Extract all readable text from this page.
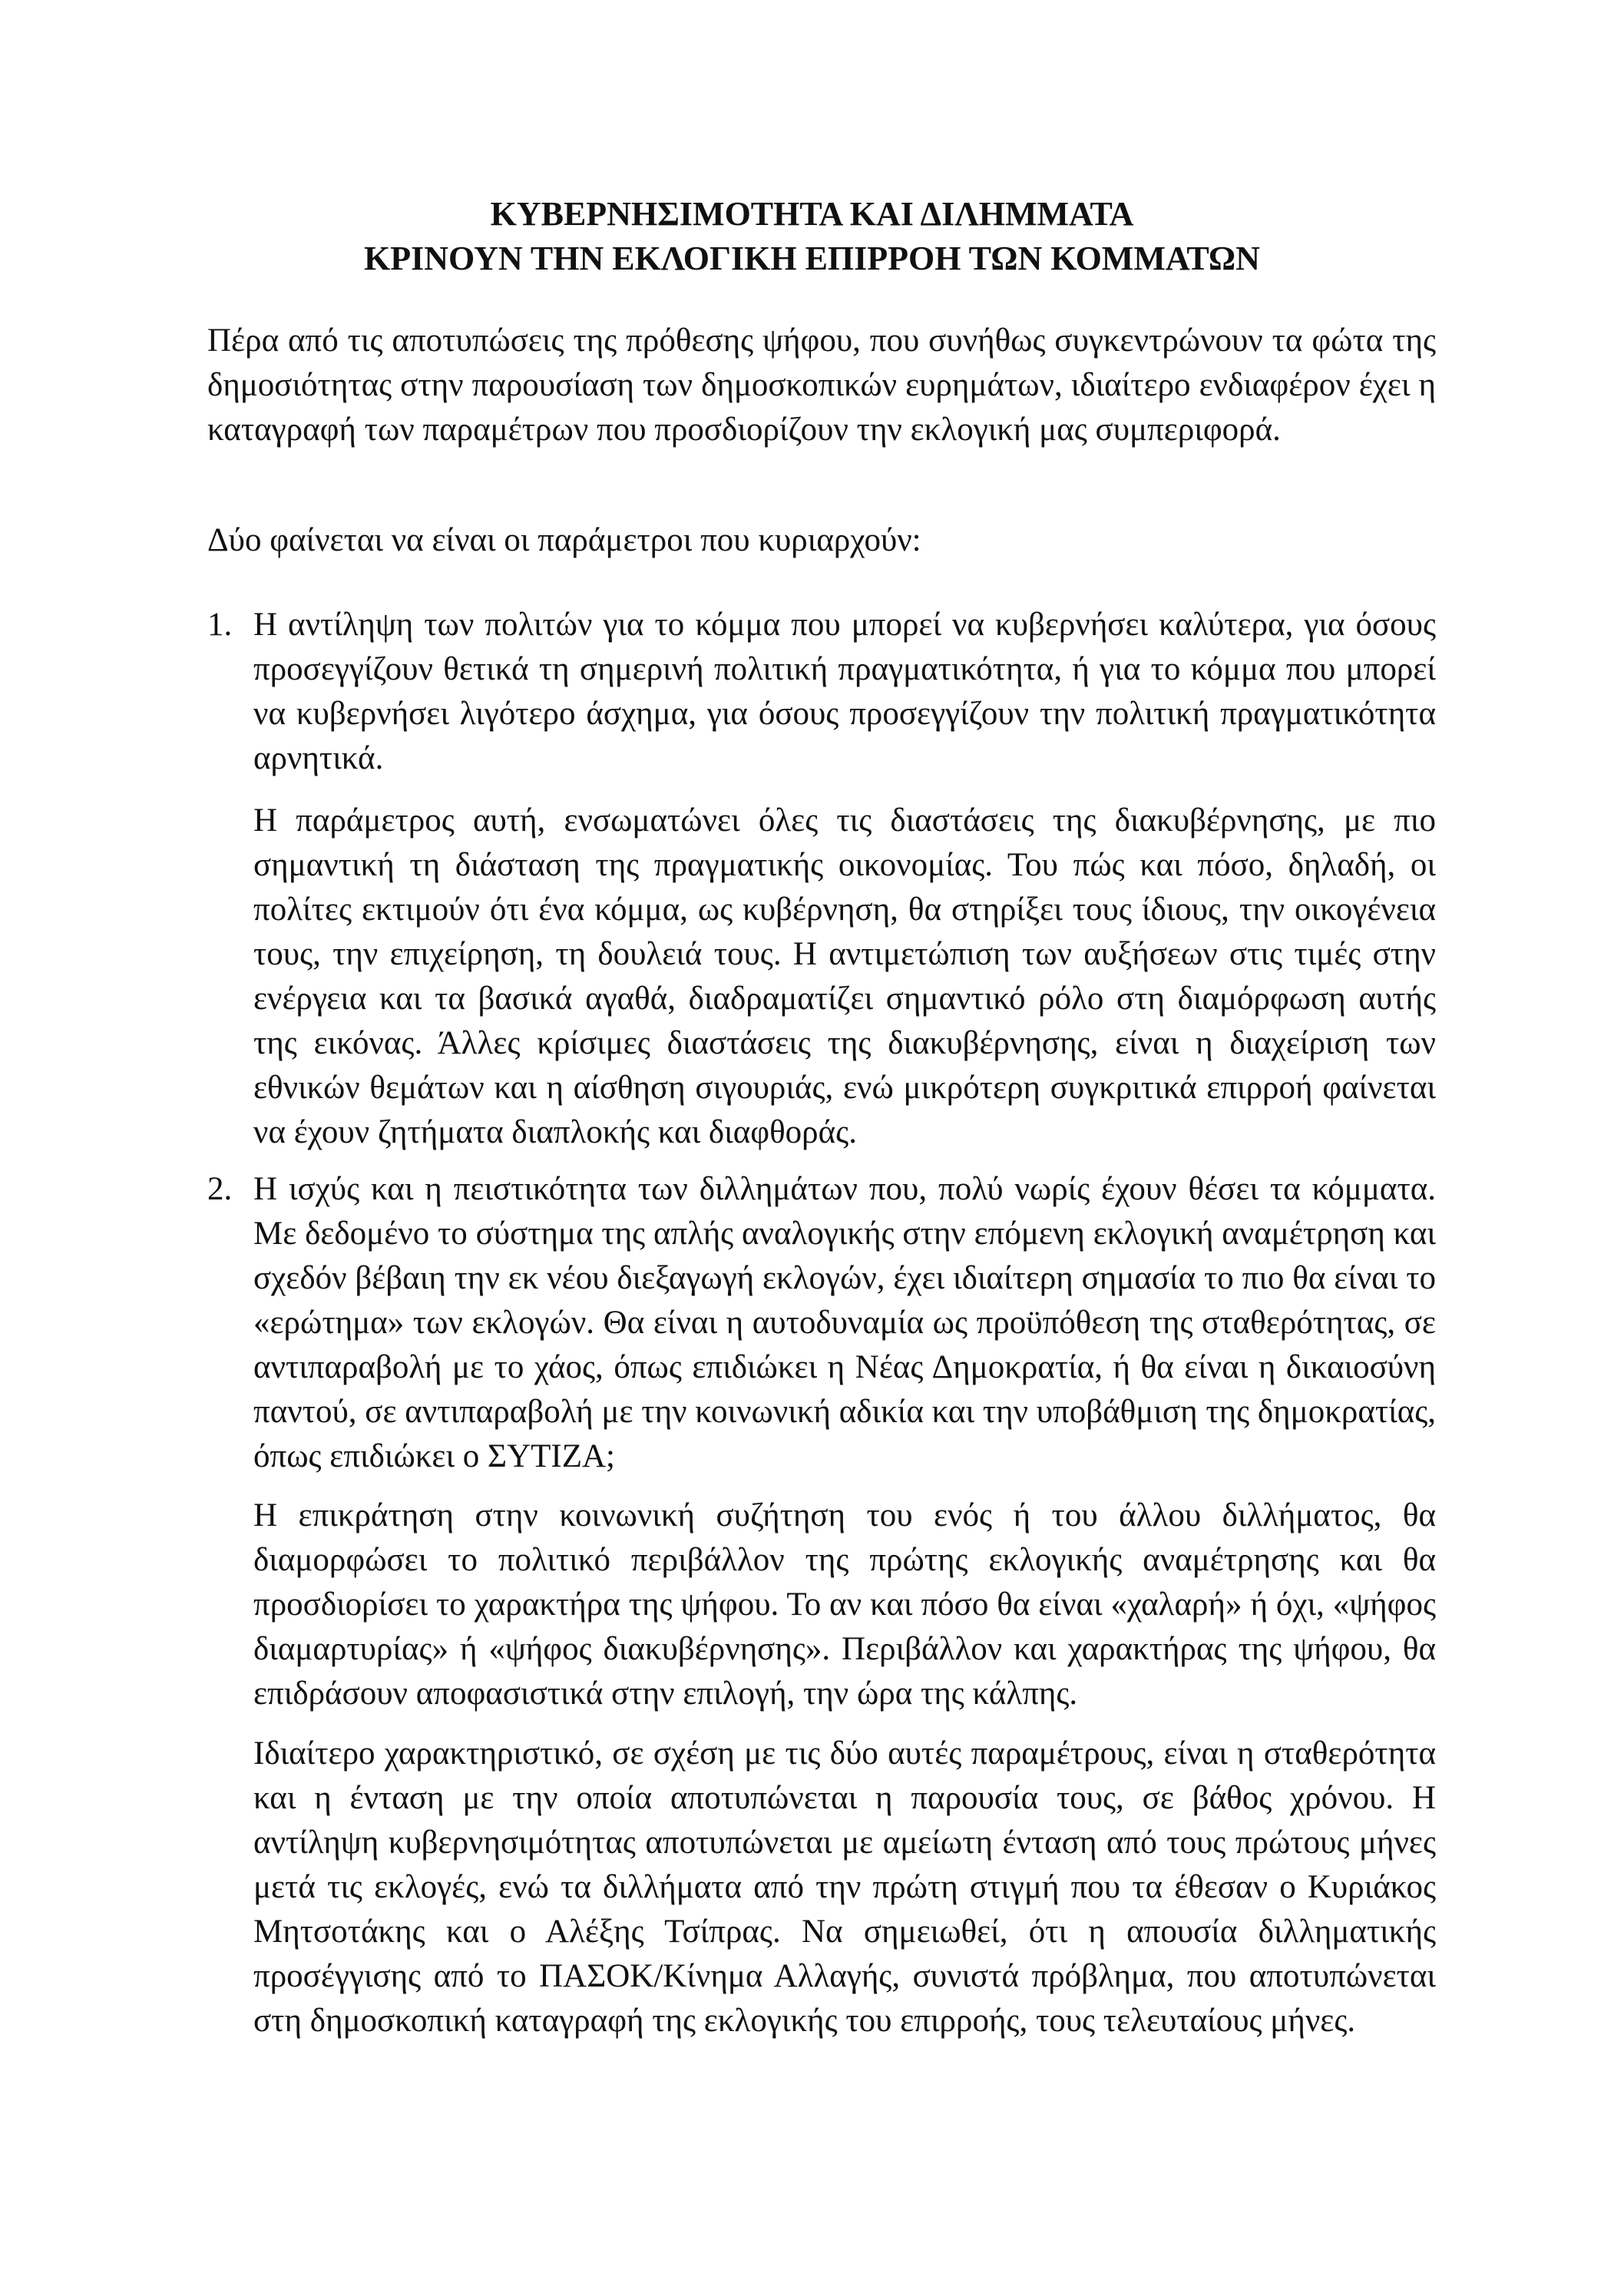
ΚΥΒΕΡΝΗΣΙΜΟΤΗΤΑ ΚΑΙ ΔΙΛΗΜΜΑΤΑ
ΚΡΙΝΟΥΝ ΤΗΝ ΕΚΛΟΓΙΚΗ ΕΠΙΡΡΟΗ ΤΩΝ ΚΟΜΜΑΤΩΝ
Πέρα από τις αποτυπώσεις της πρόθεσης ψήφου, που συνήθως συγκεντρώνουν τα φώτα της δημοσιότητας στην παρουσίαση των δημοσκοπικών ευρημάτων, ιδιαίτερο ενδιαφέρον έχει η καταγραφή των παραμέτρων που προσδιορίζουν την εκλογική μας συμπεριφορά.
Δύο φαίνεται να είναι οι παράμετροι που κυριαρχούν:
1. Η αντίληψη των πολιτών για το κόμμα που μπορεί να κυβερνήσει καλύτερα, για όσους προσεγγίζουν θετικά τη σημερινή πολιτική πραγματικότητα, ή για το κόμμα που μπορεί να κυβερνήσει λιγότερο άσχημα, για όσους προσεγγίζουν την πολιτική πραγματικότητα αρνητικά.
Η παράμετρος αυτή, ενσωματώνει όλες τις διαστάσεις της διακυβέρνησης, με πιο σημαντική τη διάσταση της πραγματικής οικονομίας. Του πώς και πόσο, δηλαδή, οι πολίτες εκτιμούν ότι ένα κόμμα, ως κυβέρνηση, θα στηρίξει τους ίδιους, την οικογένεια τους, την επιχείρηση, τη δουλειά τους. Η αντιμετώπιση των αυξήσεων στις τιμές στην ενέργεια και τα βασικά αγαθά, διαδραματίζει σημαντικό ρόλο στη διαμόρφωση αυτής της εικόνας. Άλλες κρίσιμες διαστάσεις της διακυβέρνησης, είναι η διαχείριση των εθνικών θεμάτων και η αίσθηση σιγουριάς, ενώ μικρότερη συγκριτικά επιρροή φαίνεται να έχουν ζητήματα διαπλοκής και διαφθοράς.
2. Η ισχύς και η πειστικότητα των διλλημάτων που, πολύ νωρίς έχουν θέσει τα κόμματα. Με δεδομένο το σύστημα της απλής αναλογικής στην επόμενη εκλογική αναμέτρηση και σχεδόν βέβαιη την εκ νέου διεξαγωγή εκλογών, έχει ιδιαίτερη σημασία το πιο θα είναι το «ερώτημα» των εκλογών. Θα είναι η αυτοδυναμία ως προϋπόθεση της σταθερότητας, σε αντιπαραβολή με το χάος, όπως επιδιώκει η Νέας Δημοκρατία, ή θα είναι η δικαιοσύνη παντού, σε αντιπαραβολή με την κοινωνική αδικία και την υποβάθμιση της δημοκρατίας, όπως επιδιώκει ο ΣΥΤΙΖΑ;
Η επικράτηση στην κοινωνική συζήτηση του ενός ή του άλλου διλλήματος, θα διαμορφώσει το πολιτικό περιβάλλον της πρώτης εκλογικής αναμέτρησης και θα προσδιορίσει το χαρακτήρα της ψήφου. Το αν και πόσο θα είναι «χαλαρή» ή όχι, «ψήφος διαμαρτυρίας» ή «ψήφος διακυβέρνησης». Περιβάλλον και χαρακτήρας της ψήφου, θα επιδράσουν αποφασιστικά στην επιλογή, την ώρα της κάλπης.
Ιδιαίτερο χαρακτηριστικό, σε σχέση με τις δύο αυτές παραμέτρους, είναι η σταθερότητα και η ένταση με την οποία αποτυπώνεται η παρουσία τους, σε βάθος χρόνου. Η αντίληψη κυβερνησιμότητας αποτυπώνεται με αμείωτη ένταση από τους πρώτους μήνες μετά τις εκλογές, ενώ τα διλλήματα από την πρώτη στιγμή που τα έθεσαν ο Κυριάκος Μητσοτάκης και ο Αλέξης Τσίπρας. Να σημειωθεί, ότι η απουσία διλληματικής προσέγγισης από το ΠΑΣΟΚ/Κίνημα Αλλαγής, συνιστά πρόβλημα, που αποτυπώνεται στη δημοσκοπική καταγραφή της εκλογικής του επιρροής, τους τελευταίους μήνες.
